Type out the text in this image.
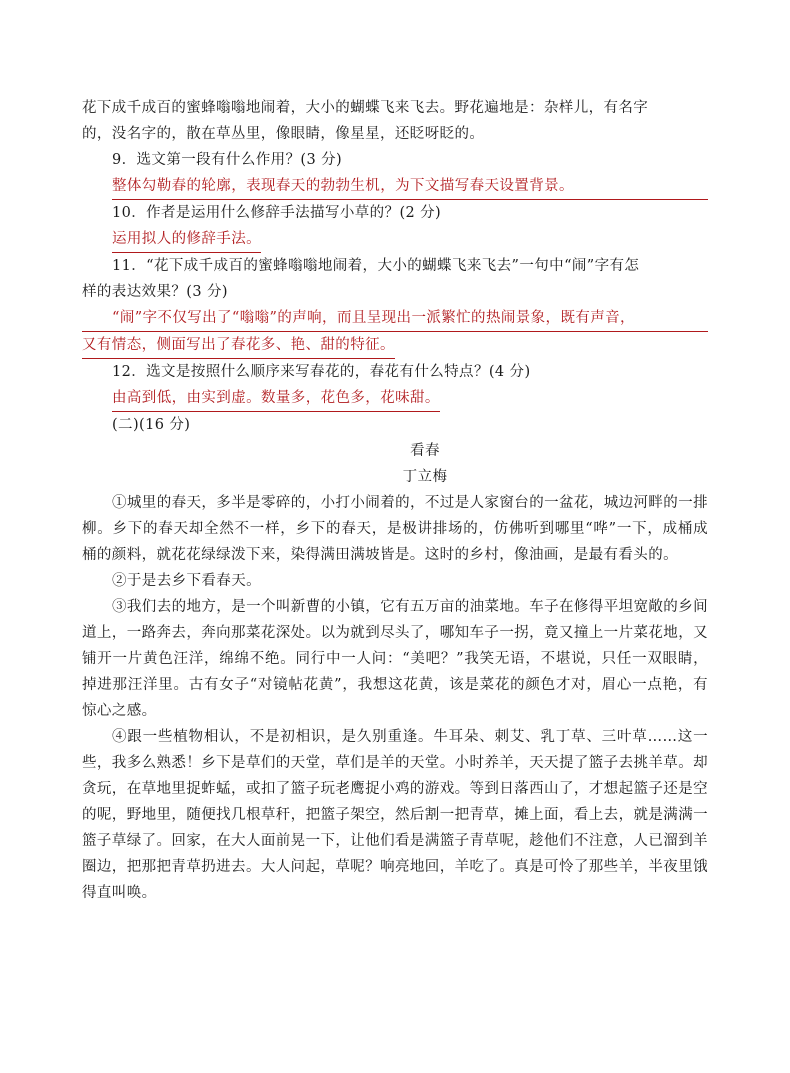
花下成千成百的蜜蜂嗡嗡地闹着，大小的蝴蝶飞来飞去。野花遍地是：杂样儿，有名字
的，没名字的，散在草丛里，像眼睛，像星星，还眨呀眨的。
9．选文第一段有什么作用？(3 分)
整体勾勒春的轮廓，表现春天的勃勃生机，为下文描写春天设置背景。
10．作者是运用什么修辞手法描写小草的？(2 分)
运用拟人的修辞手法。
11．“花下成千成百的蜜蜂嗡嗡地闹着，大小的蝴蝶飞来飞去”一句中“闹”字有怎
样的表达效果？(3 分)
“闹”字不仅写出了“嗡嗡”的声响，而且呈现出一派繁忙的热闹景象，既有声音，
又有情态，侧面写出了春花多、艳、甜的特征。
12．选文是按照什么顺序来写春花的，春花有什么特点？(4 分)
由高到低，由实到虚。数量多，花色多，花味甜。
(二)(16 分)
看春
丁立梅

①城里的春天，多半是零碎的，小打小闹着的，不过是人家窗台的一盆花，城边河畔的一排柳。乡下的春天却全然不一样，乡下的春天，是极讲排场的，仿佛听到哪里“哗”一下，成桶成桶的颜料，就花花绿绿泼下来，染得满田满坡皆是。这时的乡村，像油画，是最有看头的。

②于是去乡下看春天。

③我们去的地方，是一个叫新曹的小镇，它有五万亩的油菜地。车子在修得平坦宽敞的乡间道上，一路奔去，奔向那菜花深处。以为就到尽头了，哪知车子一拐，竟又撞上一片菜花地，又铺开一片黄色汪洋，绵绵不绝。同行中一人问：“美吧？”我笑无语，不堪说，只任一双眼睛，掉进那汪洋里。古有女子“对镜帖花黄”，我想这花黄，该是菜花的颜色才对，眉心一点艳，有惊心之感。

④跟一些植物相认，不是初相识，是久别重逢。牛耳朵、刺艾、乳丁草、三叶草……这一些，我多么熟悉！乡下是草们的天堂，草们是羊的天堂。小时养羊，天天提了篮子去挑羊草。却贪玩，在草地里捉蚱蜢，或扣了篮子玩老鹰捉小鸡的游戏。等到日落西山了，才想起篮子还是空的呢，野地里，随便找几根草秆，把篮子架空，然后割一把青草，摊上面，看上去，就是满满一篮子草绿了。回家，在大人面前晃一下，让他们看是满篮子青草呢，趁他们不注意，人已溜到羊圈边，把那把青草扔进去。大人问起，草呢？响亮地回，羊吃了。真是可怜了那些羊，半夜里饿得直叫唤。
